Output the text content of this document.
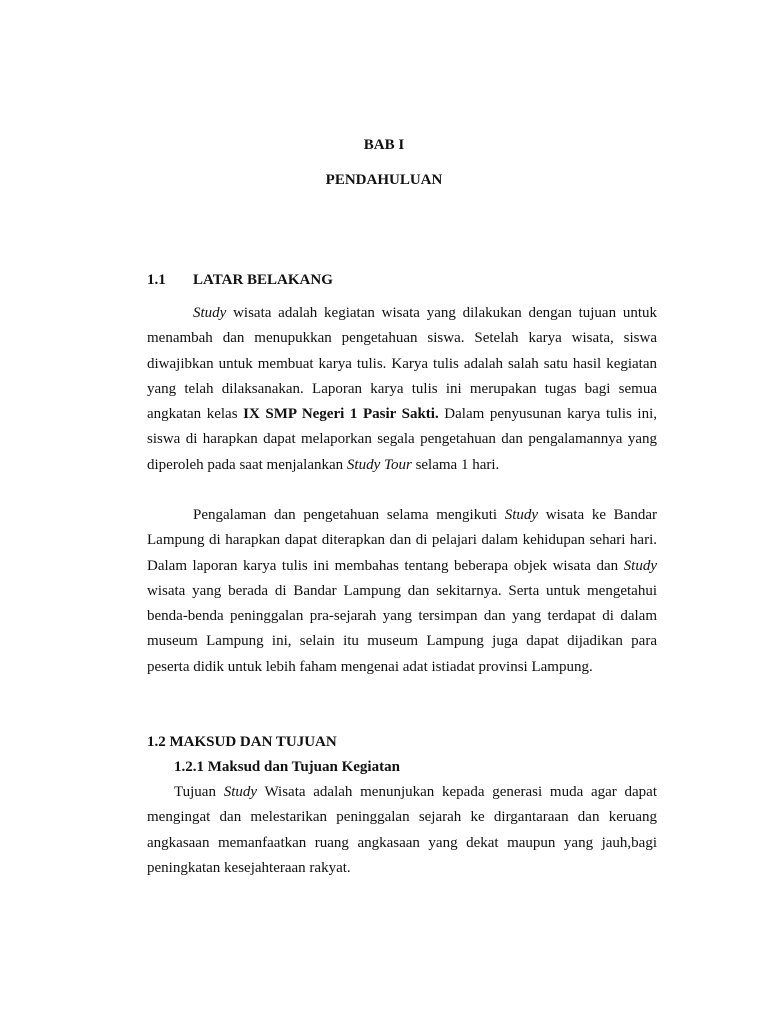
BAB I
PENDAHULUAN
1.1 LATAR BELAKANG

Study wisata adalah kegiatan wisata yang dilakukan dengan tujuan untuk menambah dan menupukkan pengetahuan siswa. Setelah karya wisata, siswa diwajibkan untuk membuat karya tulis. Karya tulis adalah salah satu hasil kegiatan yang telah dilaksanakan. Laporan karya tulis ini merupakan tugas bagi semua angkatan kelas IX SMP Negeri 1 Pasir Sakti. Dalam penyusunan karya tulis ini, siswa di harapkan dapat melaporkan segala pengetahuan dan pengalamannya yang diperoleh pada saat menjalankan Study Tour selama 1 hari.

Pengalaman dan pengetahuan selama mengikuti Study wisata ke Bandar Lampung di harapkan dapat diterapkan dan di pelajari dalam kehidupan sehari hari. Dalam laporan karya tulis ini membahas tentang beberapa objek wisata dan Study wisata yang berada di Bandar Lampung dan sekitarnya. Serta untuk mengetahui benda-benda peninggalan pra-sejarah yang tersimpan dan yang terdapat di dalam museum Lampung ini, selain itu museum Lampung juga dapat dijadikan para peserta didik untuk lebih faham mengenai adat istiadat provinsi Lampung.

1.2 MAKSUD DAN TUJUAN
1.2.1 Maksud dan Tujuan Kegiatan

Tujuan Study Wisata adalah menunjukan kepada generasi muda agar dapat mengingat dan melestarikan peninggalan sejarah ke dirgantaraan dan keruang angkasaan memanfaatkan ruang angkasaan yang dekat maupun yang jauh,bagi peningkatan kesejahteraan rakyat.
